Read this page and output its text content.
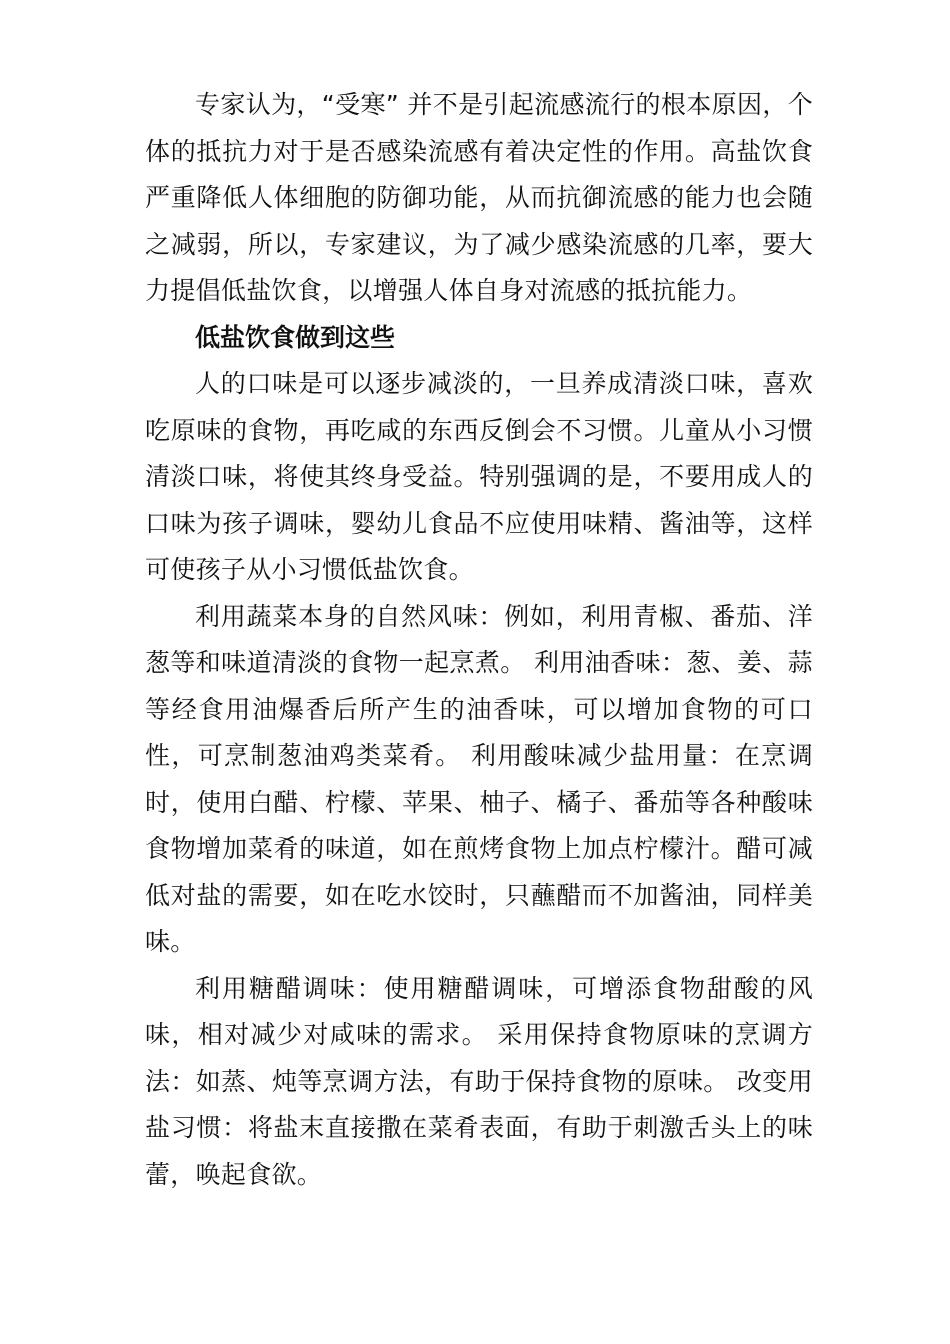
专家认为，“受寒” 并不是引起流感流行的根本原因，个体的抵抗力对于是否感染流感有着决定性的作用。高盐饮食严重降低人体细胞的防御功能，从而抗御流感的能力也会随之减弱，所以，专家建议，为了减少感染流感的几率，要大力提倡低盐饮食，以增强人体自身对流感的抵抗能力。

低盐饮食做到这些

人的口味是可以逐步减淡的，一旦养成清淡口味，喜欢吃原味的食物，再吃咸的东西反倒会不习惯。儿童从小习惯清淡口味，将使其终身受益。特别强调的是，不要用成人的口味为孩子调味，婴幼儿食品不应使用味精、酱油等，这样可使孩子从小习惯低盐饮食。

利用蔬菜本身的自然风味：例如，利用青椒、番茄、洋葱等和味道清淡的食物一起烹煮。 利用油香味：葱、姜、蒜等经食用油爆香后所产生的油香味，可以增加食物的可口性，可烹制葱油鸡类菜肴。 利用酸味减少盐用量：在烹调时，使用白醋、柠檬、苹果、柚子、橘子、番茄等各种酸味食物增加菜肴的味道，如在煎烤食物上加点柠檬汁。醋可减低对盐的需要，如在吃水饺时，只蘸醋而不加酱油，同样美味。

利用糖醋调味：使用糖醋调味，可增添食物甜酸的风味，相对减少对咸味的需求。 采用保持食物原味的烹调方法：如蒸、炖等烹调方法，有助于保持食物的原味。 改变用盐习惯：将盐末直接撒在菜肴表面，有助于刺激舌头上的味蕾，唤起食欲。
